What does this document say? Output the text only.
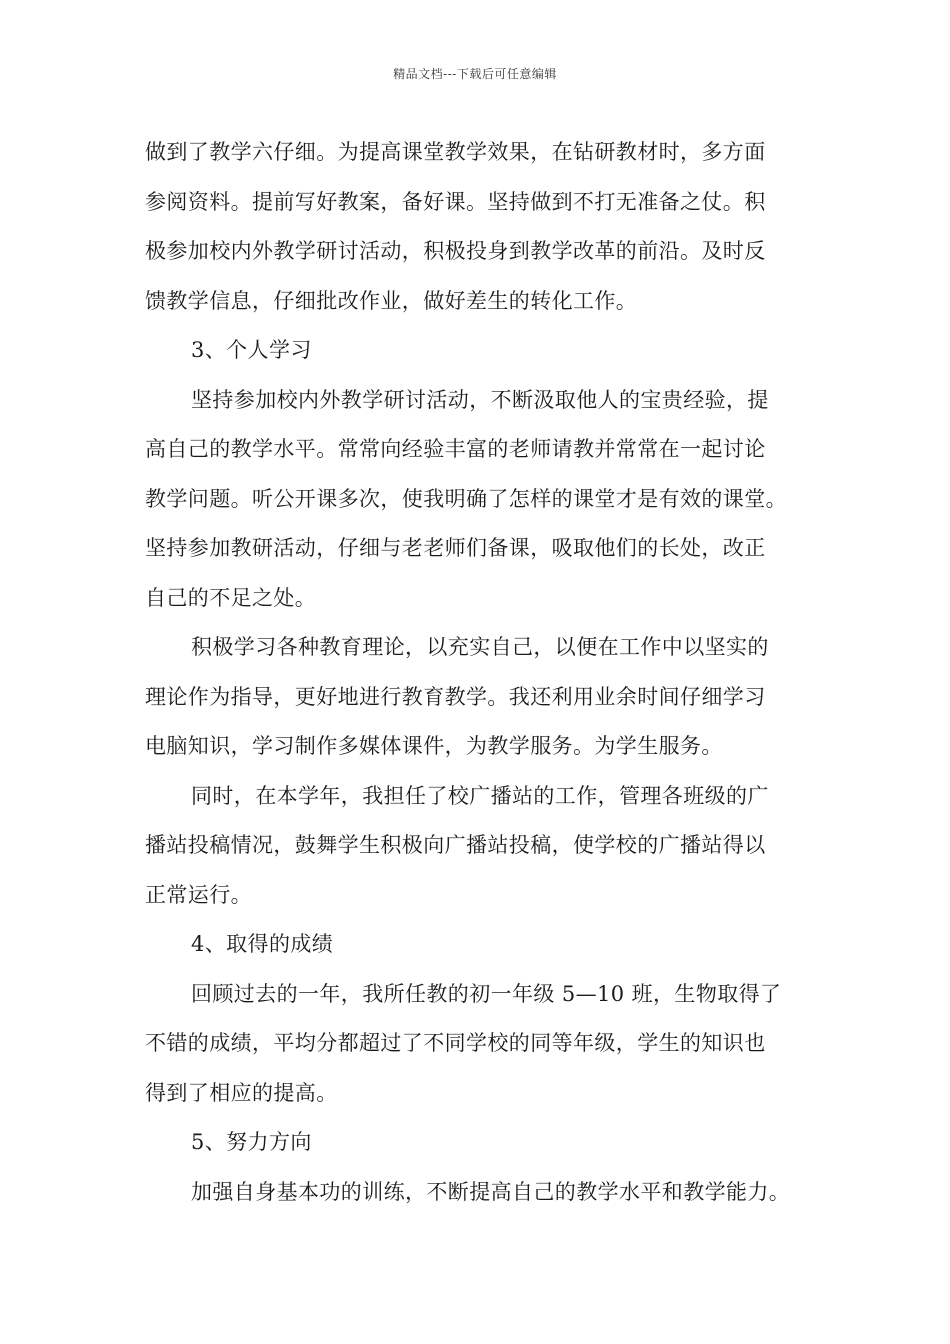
精品文档---下载后可任意编辑
做到了教学六仔细。为提高课堂教学效果，在钻研教材时，多方面
参阅资料。提前写好教案，备好课。坚持做到不打无准备之仗。积
极参加校内外教学研讨活动，积极投身到教学改革的前沿。及时反
馈教学信息，仔细批改作业，做好差生的转化工作。
3、个人学习
坚持参加校内外教学研讨活动，不断汲取他人的宝贵经验，提
高自己的教学水平。常常向经验丰富的老师请教并常常在一起讨论
教学问题。听公开课多次，使我明确了怎样的课堂才是有效的课堂。
坚持参加教研活动，仔细与老老师们备课，吸取他们的长处，改正
自己的不足之处。
积极学习各种教育理论，以充实自己，以便在工作中以坚实的
理论作为指导，更好地进行教育教学。我还利用业余时间仔细学习
电脑知识，学习制作多媒体课件，为教学服务。为学生服务。
同时，在本学年，我担任了校广播站的工作，管理各班级的广
播站投稿情况，鼓舞学生积极向广播站投稿，使学校的广播站得以
正常运行。
4、取得的成绩
回顾过去的一年，我所任教的初一年级 5—10 班，生物取得了
不错的成绩，平均分都超过了不同学校的同等年级，学生的知识也
得到了相应的提高。
5、努力方向
加强自身基本功的训练，不断提高自己的教学水平和教学能力。
